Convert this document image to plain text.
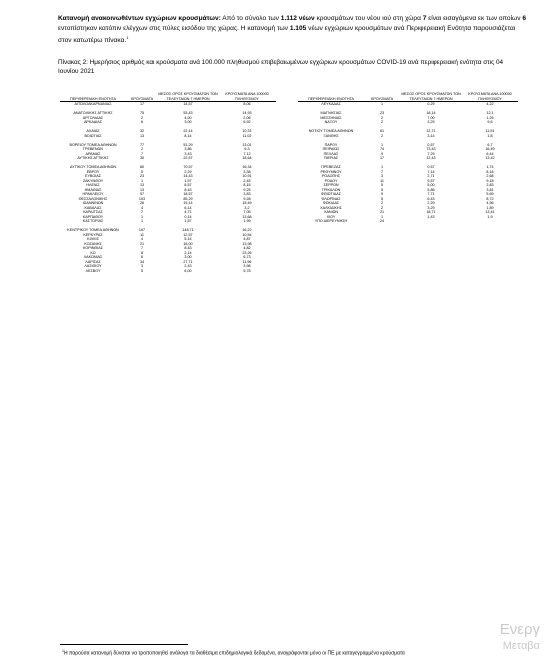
Κατανομή ανακοινωθέντων εγχώριων κρουσμάτων: Από το σύνολο των 1.112 νέων κρουσμάτων του νέου ιού στη χώρα 7 είναι εισαγόμενα εκ των οποίων 6 εντοπίστηκαν κατόπιν ελέγχων στις πύλες εισόδου της χώρας. Η κατανομή των 1.105 νέων εγχώριων κρουσμάτων ανά Περιφερειακή Ενότητα παρουσιάζεται στον κατωτέρω πίνακα.$^1$
Πίνακας 2: Ημερήσιος αριθμός και κρούσματα ανά 100.000 πληθυσμού επιβεβαιωμένων εγχώριων κρουσμάτων COVID-19 ανά περιφερειακή ενότητα στις 04 Ιουνίου 2021
ΠΕΡΙΦΕΡΕΙΑΚΗ ΕΝΟΤΗΤΑ	ΚΡΟΥΣΜΑΤΑ	ΜΕΣΟΣ ΟΡΟΣ ΚΡΟΥΣΜΑΤΩΝ ΤΩΝ ΤΕΛΕΥΤΑΙΩΝ 7 ΗΜΕΡΩΝ	ΚΡΟΥΣΜΑΤΑ ΑΝΑ 100000 ΠΛΗΘΥΣΜΟΥ
ΑΙΤΩΛΟΑΚΑΡΝΑΝΙΑΣ	17	14,57	8,06

ΑΝΑΤΟΛΙΚΗΣ ΑΤΤΙΚΗΣ	75	53,43	14,93
ΑΡΓΟΛΙΔΑΣ	2	4,00	2,06
ΑΡΚΑΔΙΑΣ	6	3,00	6,92

ΑΧΑΪΑΣ	32	22,14	10,31
ΒΟΙΩΤΙΑΣ	13	8,14	11,02

ΒΟΡΕΙΟΥ ΤΟΜΕΑ ΑΘΗΝΩΝ	77	51,29	13,01
ΓΡΕΒΕΝΩΝ	2	3,86	6,3
ΔΡΑΜΑΣ	7	3,43	7,12
ΔΥΤΙΚΗΣ ΑΤΤΙΚΗΣ	30	22,57	18,64

ΔΥΤΙΚΟΥ ΤΟΜΕΑ ΑΘΗΝΩΝ	80	70,57	16,34
ΕΒΡΟΥ	5	2,29	3,38
ΕΥΒΟΙΑΣ	23	14,43	10,91
ΖΑΚΥΝΘΟΥ	1	1,57	2,45
ΗΛΕΙΑΣ	13	8,57	8,15
ΗΜΑΘΙΑΣ	13	8,43	9,25
ΗΡΑΚΛΕΙΟΥ	57	18,57	3,83
ΘΕΣΣΑΛΟΝΙΚΗΣ	103	85,29	9,28
ΙΩΑΝΝΙΝΩΝ	26	15,14	15,49
ΚΑΒΑΛΑΣ	4	6,14	3,2
ΚΑΡΔΙΤΣΑΣ	7	4,71	7,05
ΚΑΡΠΑΘΟΥ	1	0,14	13,68
ΚΑΣΤΟΡΙΑΣ	1	1,57	1,99

ΚΕΝΤΡΙΚΟΥ ΤΟΜΕΑ ΑΘΗΝΩΝ	167	148,71	16,22
ΚΕΡΚΥΡΑΣ	11	12,57	10,54
ΚΙΛΚΙΣ	4	5,14	4,87
ΚΟΖΑΝΗΣ	21	16,00	13,98
ΚΟΡΙΝΘΙΑΣ	7	8,43	4,82
ΚΩ	8	2,14	23,26
ΛΑΚΩΝΙΑΣ	6	3,00	6,73
ΛΑΡΙΣΑΣ	34	27,71	11,96
ΛΑΣΙΘΙΟΥ	3	2,43	3,98
ΛΕΣΒΟΥ	5	6,00	5,78
ΠΕΡΙΦΕΡΕΙΑΚΗ ΕΝΟΤΗΤΑ	ΚΡΟΥΣΜΑΤΑ	ΜΕΣΟΣ ΟΡΟΣ ΚΡΟΥΣΜΑΤΩΝ ΤΩΝ ΤΕΛΕΥΤΑΙΩΝ 7 ΗΜΕΡΩΝ	ΚΡΟΥΣΜΑΤΑ ΑΝΑ 100000 ΠΛΗΘΥΣΜΟΥ
ΛΕΥΚΑΔΑΣ	1	0,29	4,22

ΜΑΓΝΗΣΙΑΣ	23	18,14	12,1
ΜΕΣΣΗΝΙΑΣ	2	7,00	1,25
ΝΑΞΟΥ	2	3,29	9,6

ΝΟΤΙΟΥ ΤΟΜΕΑ ΑΘΗΝΩΝ	61	12,71	11,51
ΞΑΝΘΗΣ	2	3,14	1,8

ΠΑΡΟΥ	1	0,57	6,7
ΠΕΙΡΑΙΩΣ	74	73,43	16,49
ΠΕΛΛΑΣ	9	7,29	6,44
ΠΙΕΡΙΑΣ	17	12,43	13,42

ΠΡΕΒΕΖΑΣ	1	0,57	1,74
ΡΕΘΥΜΝΟΥ	7	7,14	8,18
ΡΟΔΟΠΗΣ	3	2,71	2,68
ΡΟΔΟΥ	11	9,57	9,18
ΣΕΡΡΩΝ	5	5,00	2,83
ΤΡΙΚΑΛΩΝ	5	5,86	3,81
ΦΘΙΩΤΙΔΑΣ	9	7,71	5,69
ΦΛΩΡΙΝΑΣ	5	6,43	8,72
ΦΩΚΙΔΑΣ	2	2,29	4,96
ΧΑΛΚΙΔΙΚΗΣ	2	3,29	1,89
ΧΑΝΙΩΝ	21	18,71	13,41
ΧΙΟΥ	1	1,43	1,9
ΥΠΟ ΔΙΕΡΕΥΝΗΣΗ	24		
Ενεργ
Μεταβα
$^1$Η παρούσα κατανομή δύναται να τροποποιηθεί ανάλογα τα διαθέσιμα επιδημιολογικά δεδομένα, αναγράφονται μόνο οι ΠΕ με καταγεγραμμένα κρούσματα
